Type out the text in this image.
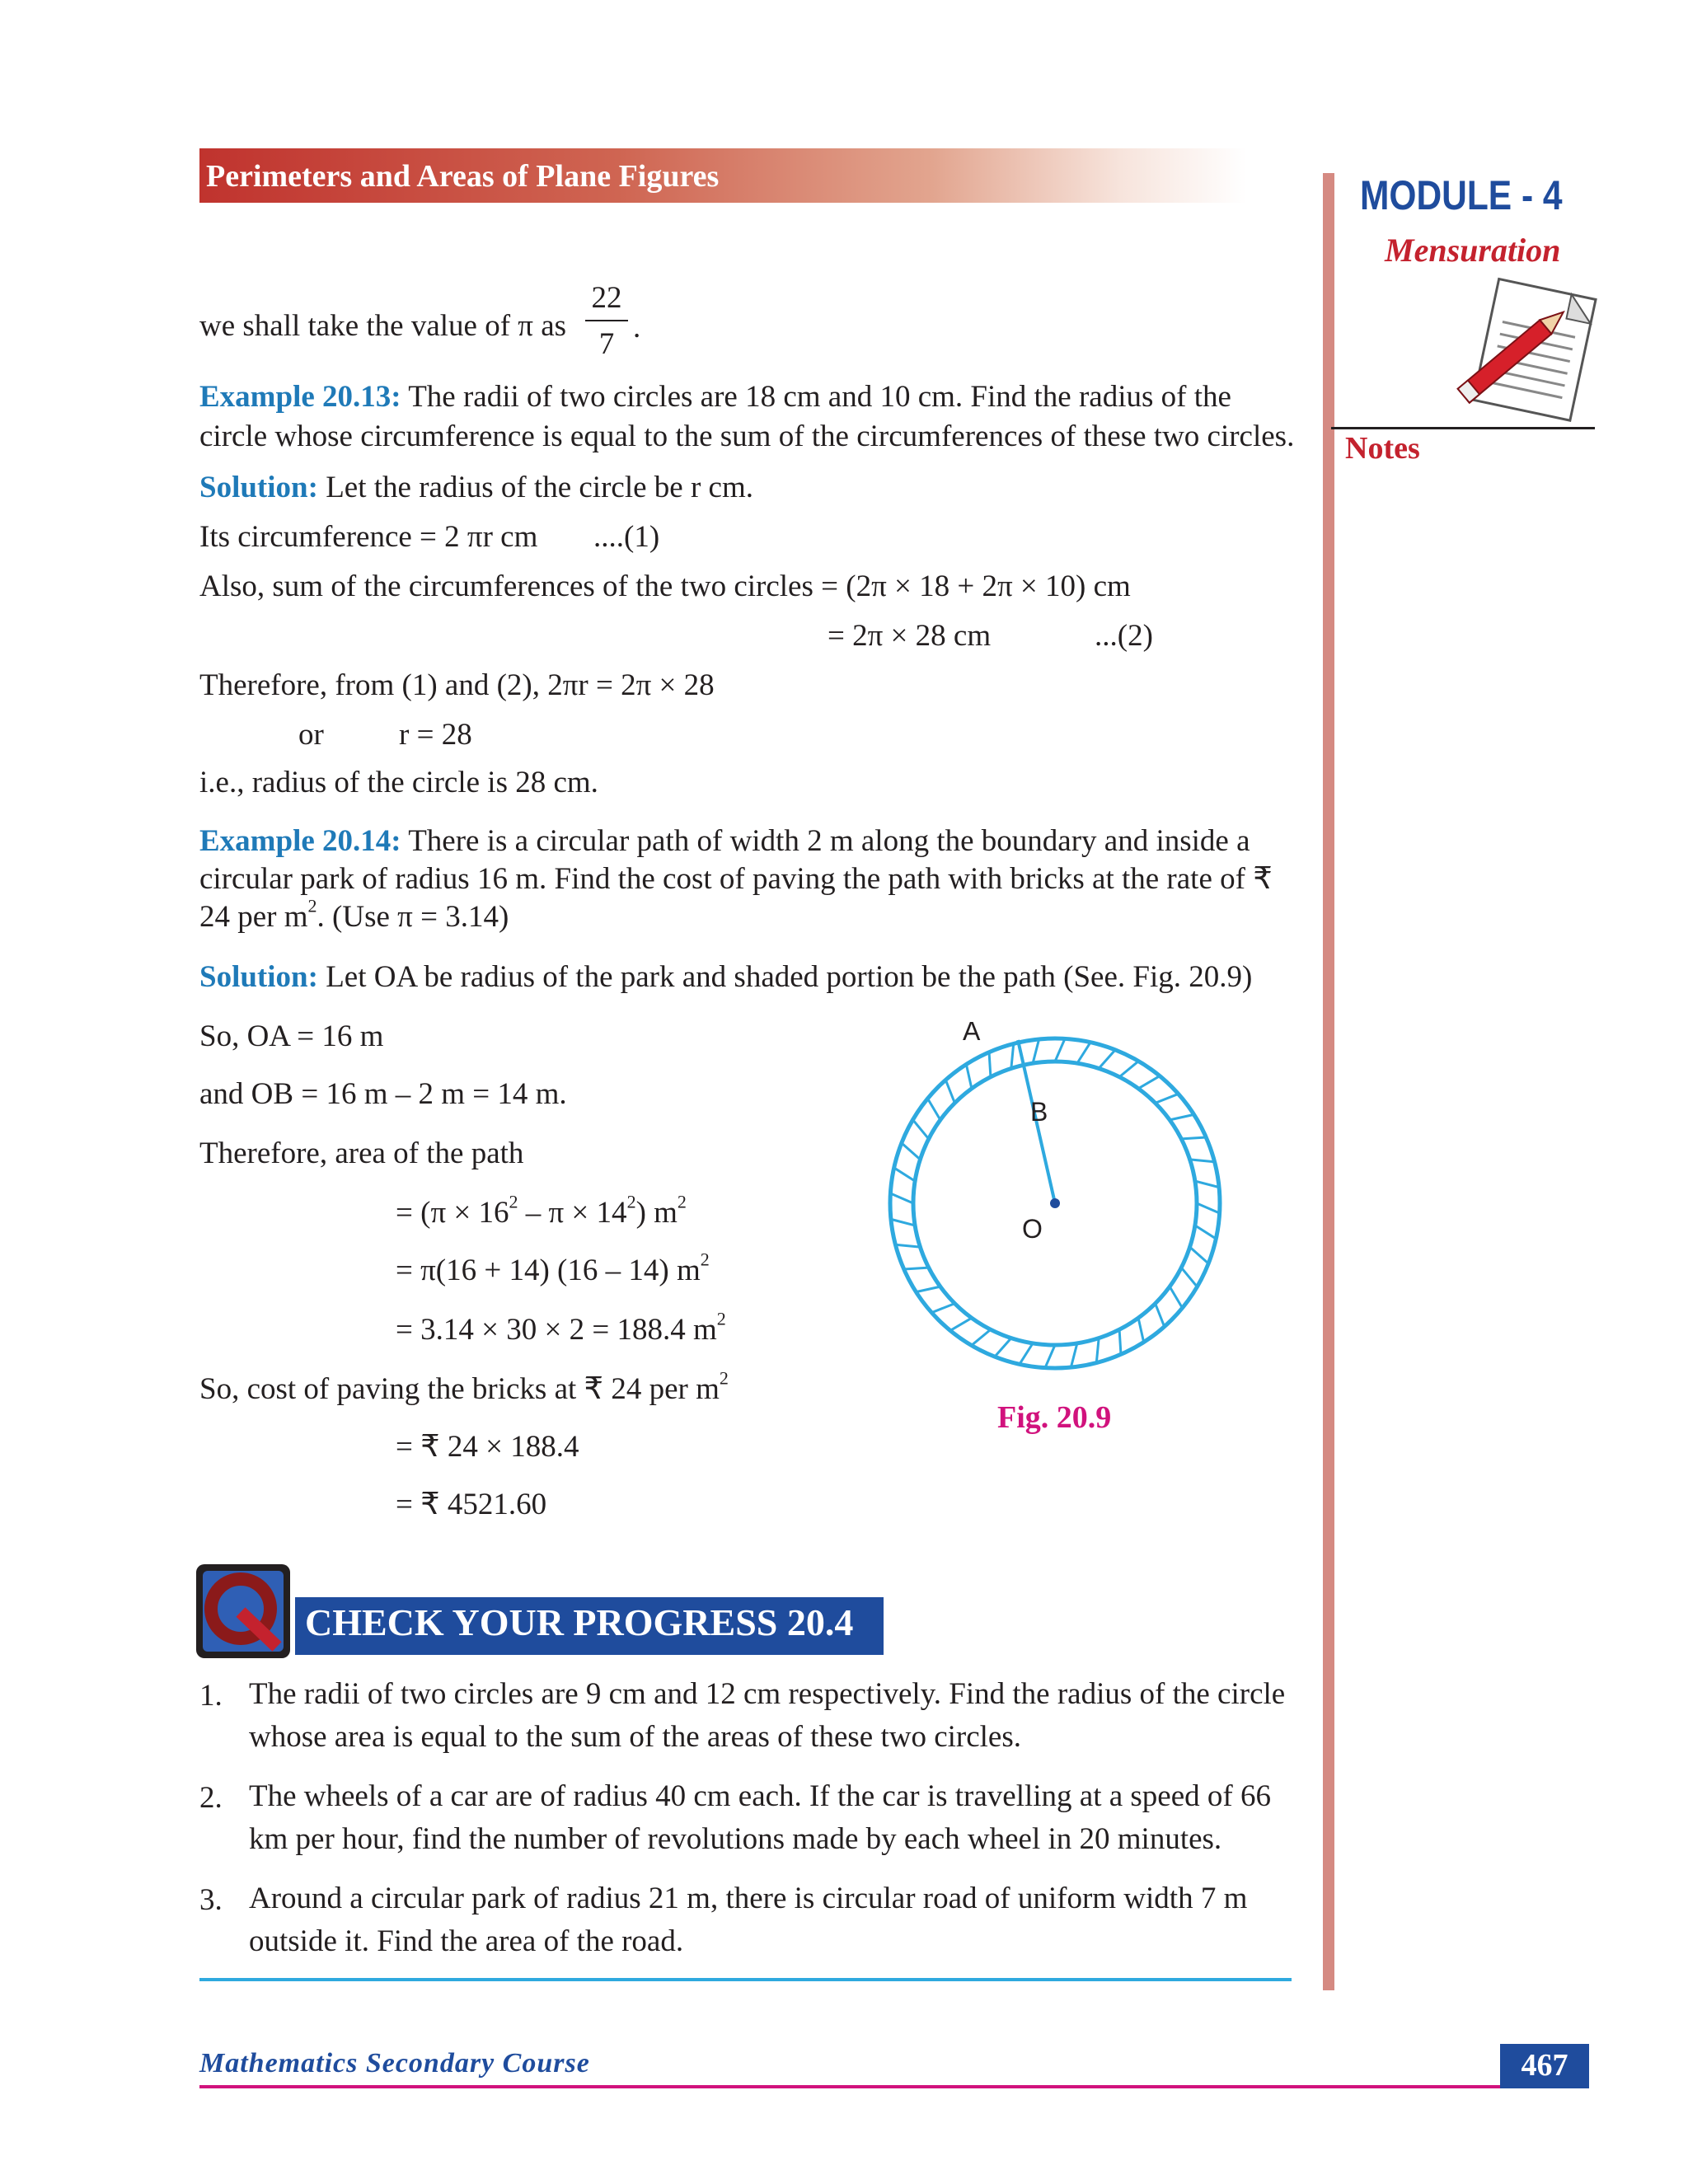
Perimeters and Areas of Plane Figures	MODULE - 4
Mensuration
Notes
we shall take the value of π as
22
7 .
Example 20.13: The radii of two circles are 18 cm and 10 cm. Find the radius of the circle whose circumference is equal to the sum of the circumferences of these two circles.
Solution: Let the radius of the circle be r cm.
Its circumference = 2 πr cm ....(1)
Also, sum of the circumferences of the two circles = (2π × 18 + 2π × 10) cm
= 2π × 28 cm	...(2)
Therefore, from (1) and (2), 2πr = 2π × 28
or r = 28
i.e., radius of the circle is 28 cm.
Example 20.14: There is a circular path of width 2 m along the boundary and inside a circular park of radius 16 m. Find the cost of paving the path with bricks at the rate of ₹ 24 per $m^2$. (Use π = 3.14)
Solution: Let OA be radius of the park and shaded portion be the path (See. Fig. 20.9)
So, OA = 16 m
and OB = 16 m – 2 m = 14 m.
Therefore, area of the path
= $(\pi \times 16^2 - \pi \times 14^2)$ $m^2$
= π(16 + 14) (16 – 14) $m^2$
= 3.14 × 30 × 2 = 188.4 $m^2$
So, cost of paving the bricks at ₹ 24 per $m^2$
= ₹ 24 × 188.4
= ₹ 4521.60
A
B
O
Fig. 20.9
CHECK YOUR PROGRESS 20.4
1. The radii of two circles are 9 cm and 12 cm respectively. Find the radius of the circle whose area is equal to the sum of the areas of these two circles.
2. The wheels of a car are of radius 40 cm each. If the car is travelling at a speed of 66 km per hour, find the number of revolutions made by each wheel in 20 minutes.
3. Around a circular park of radius 21 m, there is circular road of uniform width 7 m outside it. Find the area of the road.
Mathematics Secondary Course	467
